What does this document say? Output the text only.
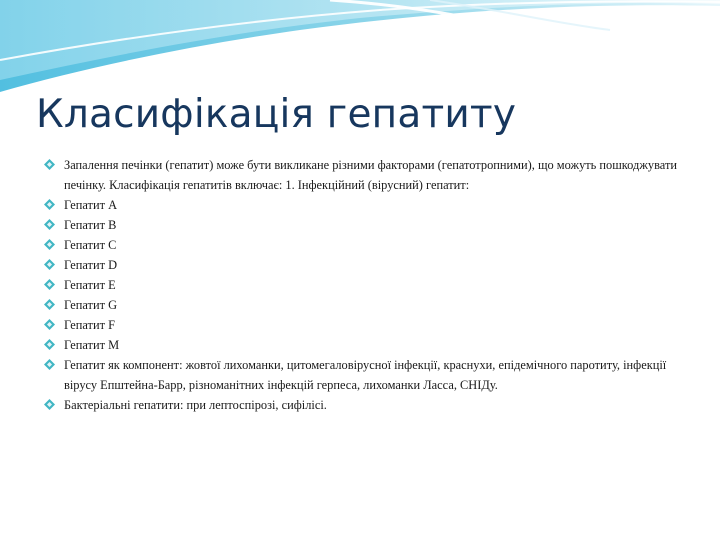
Класифікація гепатиту
Запалення печінки (гепатит) може бути викликане різними факторами (гепатотропними), що можуть пошкоджувати печінку. Класифікація гепатитів включає: 1. Інфекційний (вірусний) гепатит:
Гепатит А
Гепатит В
Гепатит С
Гепатит D
Гепатит Е
Гепатит G
Гепатит F
Гепатит M
Гепатит як компонент: жовтої лихоманки, цитомегаловірусної інфекції, краснухи, епідемічного паротиту, інфекції вірусу Епштейна-Барр, різноманітних інфекцій герпеса, лихоманки Ласса, СНІДу.
Бактеріальні гепатити: при лептоспірозі, сифілісі.
